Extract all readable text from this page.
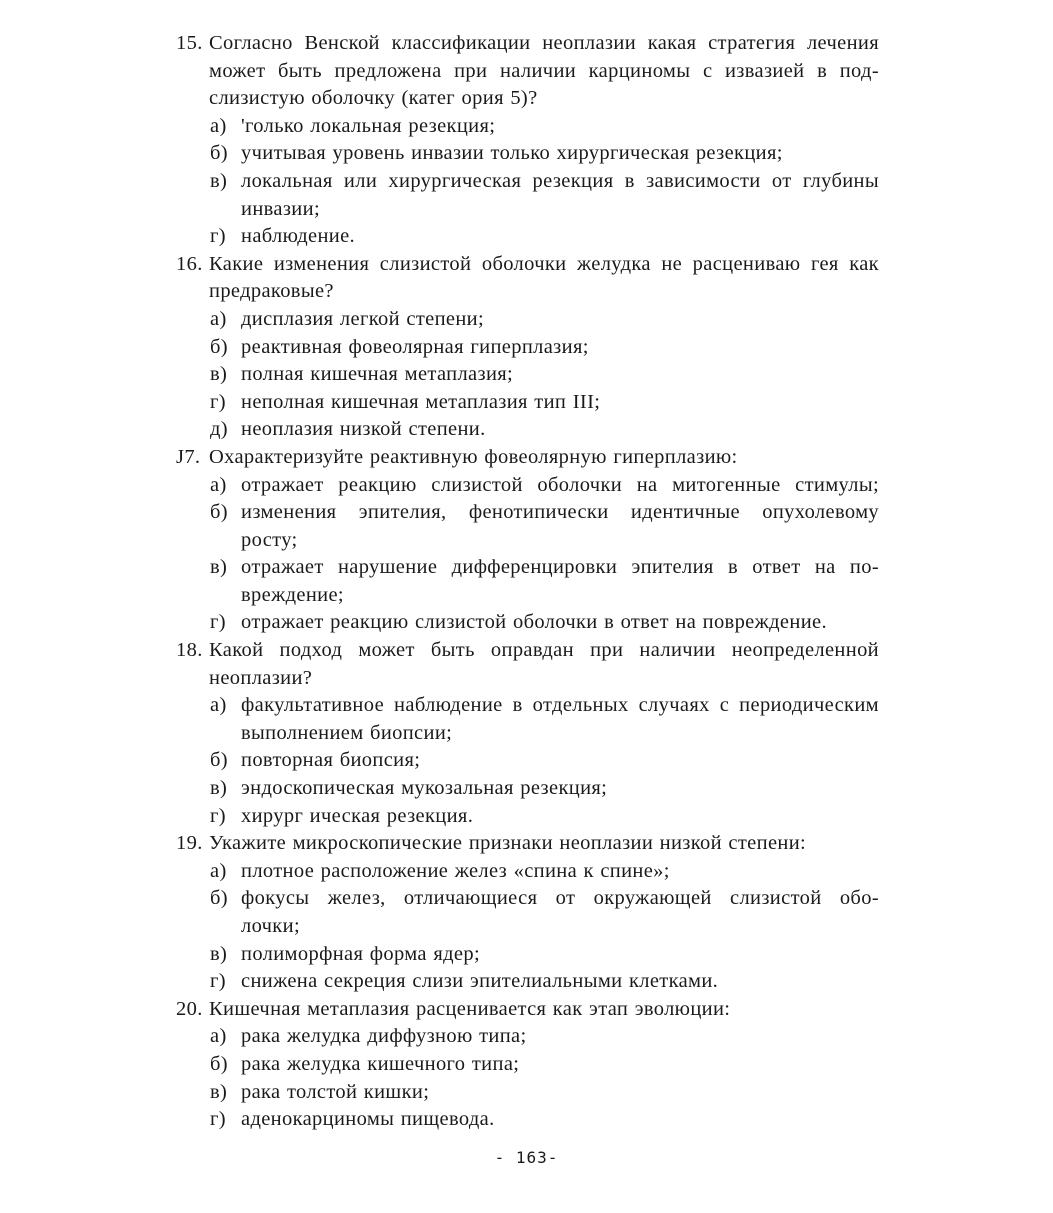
15. Согласно Венской классификации неоплазии какая стратегия лечения
может быть предложена при наличии карциномы с извазией в под-
слизистую оболочку (катег ория 5)?
а) 'голько локальная резекция;
б) учитывая уровень инвазии только хирургическая резекция;
в) локальная или хирургическая резекция в зависимости от глубины
инвазии;
г) наблюдение.
16. Какие изменения слизистой оболочки желудка не расцениваю гея как
предраковые?
а) дисплазия легкой степени;
б) реактивная фовеолярная гиперплазия;
в) полная кишечная метаплазия;
г) неполная кишечная метаплазия тип III;
д) неоплазия низкой степени.
J7. Охарактеризуйте реактивную фовеолярную гиперплазию:
а) отражает реакцию слизистой оболочки на митогенные стимулы;
б) изменения эпителия, фенотипически идентичные опухолевому
росту;
в) отражает нарушение дифференцировки эпителия в ответ на по-
вреждение;
г) отражает реакцию слизистой оболочки в ответ на повреждение.
18. Какой подход может быть оправдан при наличии неопределенной
неоплазии?
а) факультативное наблюдение в отдельных случаях с периодическим
выполнением биопсии;
б) повторная биопсия;
в) эндоскопическая мукозальная резекция;
г) хирург ическая резекция.
19. Укажите микроскопические признаки неоплазии низкой степени:
а) плотное расположение желез «спина к спине»;
б) фокусы желез, отличающиеся от окружающей слизистой обо-
лочки;
в) полиморфная форма ядер;
г) снижена секреция слизи эпителиальными клетками.
20. Кишечная метаплазия расценивается как этап эволюции:
а) рака желудка диффузною типа;
б) рака желудка кишечного типа;
в) рака толстой кишки;
г) аденокарциномы пищевода.
- 163-
